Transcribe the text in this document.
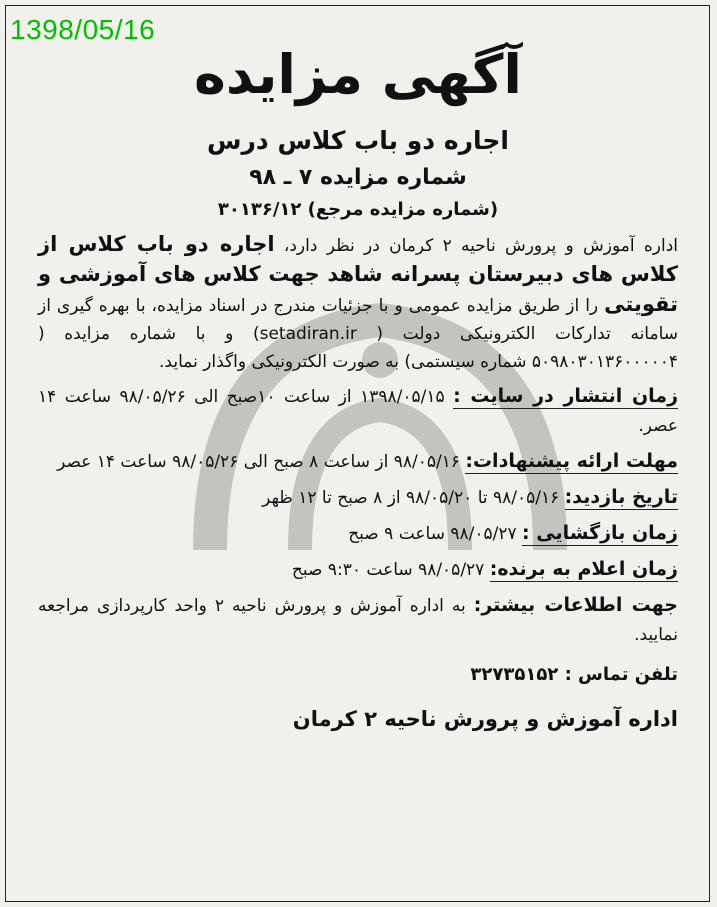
1398/05/16
آگهی مزایده
اجاره دو باب کلاس درس
شماره مزایده ۷ ـ ۹۸
(شماره مزایده مرجع) ۳۰۱۳۶/۱۲

اداره آموزش و پرورش ناحیه ۲ کرمان در نظر دارد، اجاره دو باب کلاس از کلاس های دبیرستان پسرانه شاهد جهت کلاس های آموزشی و تقویتی را از طریق مزایده عمومی و با جزئیات مندرج در اسناد مزایده، با بهره گیری از سامانه تدارکات الکترونیکی دولت ( setadiran.ir) و با شماره مزایده ( ۵۰۹۸۰۳۰۱۳۶۰۰۰۰۰۴ شماره سیستمی) به صورت الکترونیکی واگذار نماید.

زمان انتشار در سایت : ۱۳۹۸/۰۵/۱۵ از ساعت ۱۰صبح الی ۹۸/۰۵/۲۶ ساعت ۱۴ عصر.

مهلت ارائه پیشنهادات: ۹۸/۰۵/۱۶ از ساعت ۸ صبح الی ۹۸/۰۵/۲۶ ساعت ۱۴ عصر

تاریخ بازدید: ۹۸/۰۵/۱۶ تا ۹۸/۰۵/۲۰ از ۸ صبح تا ۱۲ ظهر

زمان بازگشایی : ۹۸/۰۵/۲۷ ساعت ۹ صبح

زمان اعلام به برنده: ۹۸/۰۵/۲۷ ساعت ۹:۳۰ صبح

جهت اطلاعات بیشتر: به اداره آموزش و پرورش ناحیه ۲ واحد کارپردازی مراجعه نمایید.

تلفن تماس : ۳۲۷۳۵۱۵۲

اداره آموزش و پرورش ناحیه ۲ کرمان
